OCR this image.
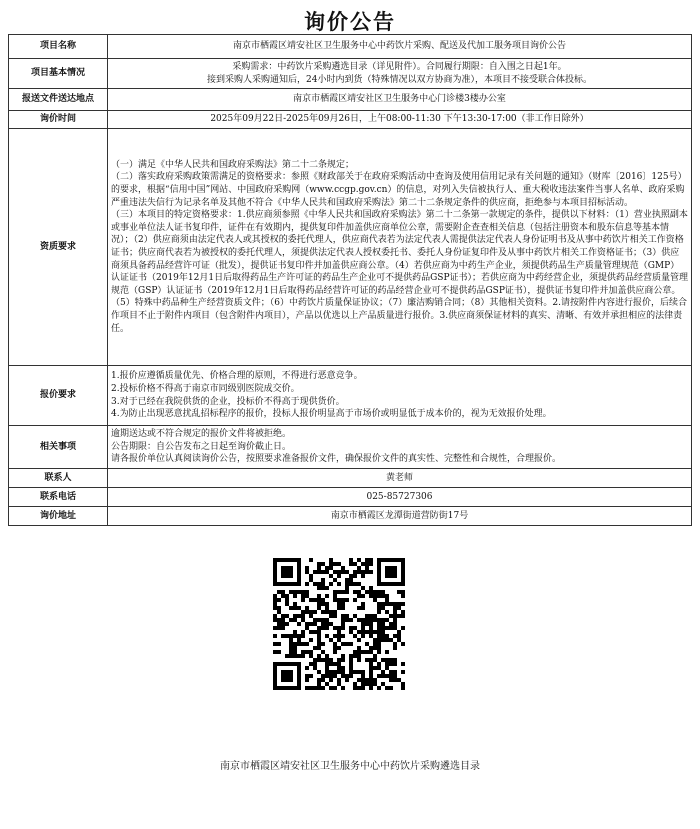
询价公告
项目名称	南京市栖霞区靖安社区卫生服务中心中药饮片采购、配送及代加工服务项目询价公告

项目基本情况	采购需求：中药饮片采购遴选目录（详见附件）。合同履行期限：自入围之日起1年。
接到采购人采购通知后，24小时内到货（特殊情况以双方协商为准），本项目不接受联合体投标。

报送文件送达地点	南京市栖霞区靖安社区卫生服务中心门诊楼3楼办公室

询价时间	2025年09月22日-2025年09月26日，上午08:00-11:30 下午13:30-17:00（非工作日除外）

资质要求	（一）满足《中华人民共和国政府采购法》第二十二条规定；
（二）落实政府采购政策需满足的资格要求：参照《财政部关于在政府采购活动中查询及使用信用记录有关问题的通知》（财库〔2016〕125号）的要求，根据“信用中国”网站、中国政府采购网（www.ccgp.gov.cn）的信息，对列入失信被执行人、重大税收违法案件当事人名单、政府采购严重违法失信行为记录名单及其他不符合《中华人民共和国政府采购法》第二十二条规定条件的供应商，拒绝参与本项目招标活动。
（三）本项目的特定资格要求：1.供应商须参照《中华人民共和国政府采购法》第二十二条第一款规定的条件，提供以下材料：（1）营业执照副本或事业单位法人证书复印件，证件在有效期内，提供复印件加盖供应商单位公章，需要附企查查相关信息（包括注册资本和股东信息等基本情况）；（2）供应商须由法定代表人或其授权的委托代理人，供应商代表若为法定代表人需提供法定代表人身份证明书及从事中药饮片相关工作资格证书；供应商代表若为被授权的委托代理人，须提供法定代表人授权委托书、委托人身份证复印件及从事中药饮片相关工作资格证书；（3）供应商须具备药品经营许可证（批发），提供证书复印件并加盖供应商公章。（4）若供应商为中药生产企业，须提供药品生产质量管理规范（GMP）认证证书（2019年12月1日后取得药品生产许可证的药品生产企业可不提供药品GSP证书）；若供应商为中药经营企业，须提供药品经营质量管理规范（GSP）认证证书（2019年12月1日后取得药品经营许可证的药品经营企业可不提供药品GSP证书），提供证书复印件并加盖供应商公章。（5）特殊中药品种生产经营资质文件；（6）中药饮片质量保证协议；（7）廉洁购销合同；（8）其他相关资料。2.请按附件内容进行报价，后续合作项目不止于附件内项目（包含附件内项目），产品以优选以上产品质量进行报价。3.供应商须保证材料的真实、清晰、有效并承担相应的法律责任。

报价要求	1.报价应遵循质量优先、价格合理的原则，不得进行恶意竞争。
2.投标价格不得高于南京市同级别医院成交价。
3.对于已经在我院供货的企业，投标价不得高于现供货价。
4.为防止出现恶意扰乱招标程序的报价，投标人报价明显高于市场价或明显低于成本价的，视为无效报价处理。

相关事项	逾期送达或不符合规定的报价文件将被拒绝。
公告期限：自公告发布之日起至询价截止日。
请各报价单位认真阅读询价公告，按照要求准备报价文件，确保报价文件的真实性、完整性和合规性，合理报价。

联系人	黄老师

联系电话	025-85727306

询价地址	南京市栖霞区龙潭街道营防街17号
南京市栖霞区靖安社区卫生服务中心中药饮片采购遴选目录
